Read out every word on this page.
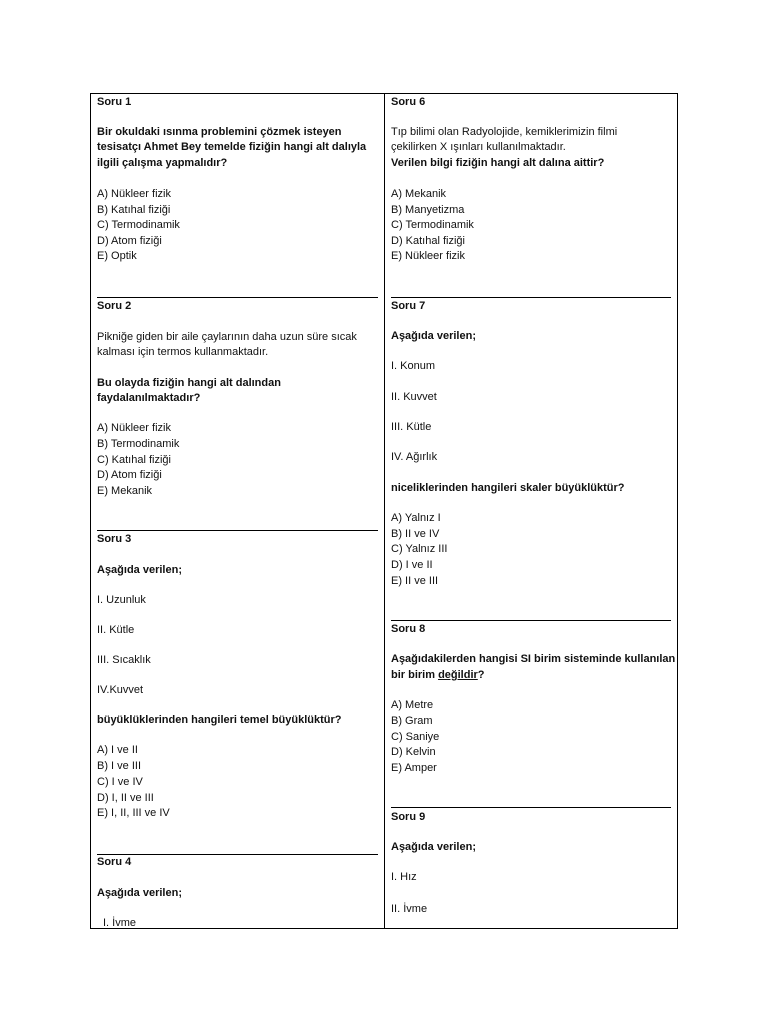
Soru 1
Bir okuldaki ısınma problemini çözmek isteyen
tesisatçı Ahmet Bey temelde fiziğin hangi alt dalıyla
ilgili çalışma yapmalıdır?
A) Nükleer fizik
B) Katıhal fiziği
C) Termodinamik
D) Atom fiziği
E) Optik
Soru 2
Pikniğe giden bir aile çaylarının daha uzun süre sıcak
kalması için termos kullanmaktadır.
Bu olayda fiziğin hangi alt dalından
faydalanılmaktadır?
A) Nükleer fizik
B) Termodinamik
C) Katıhal fiziği
D) Atom fiziği
E) Mekanik
Soru 3
Aşağıda verilen;
I. Uzunluk
II. Kütle
III. Sıcaklık
IV.Kuvvet
büyüklüklerinden hangileri temel büyüklüktür?
A) I ve II
B) I ve III
C) I ve IV
D) I, II ve III
E) I, II, III ve IV
Soru 4
Aşağıda verilen;
I. İvme
Soru 6
Tıp bilimi olan Radyolojide, kemiklerimizin filmi
çekilirken X ışınları kullanılmaktadır.
Verilen bilgi fiziğin hangi alt dalına aittir?
A) Mekanik
B) Manyetizma
C) Termodinamik
D) Katıhal fiziği
E) Nükleer fizik
Soru 7
Aşağıda verilen;
I. Konum
II. Kuvvet
III. Kütle
IV. Ağırlık
niceliklerinden hangileri skaler büyüklüktür?
A) Yalnız I
B) II ve IV
C) Yalnız III
D) I ve II
E) II ve III
Soru 8
Aşağıdakilerden hangisi SI birim sisteminde kullanılan
bir birim değildir?
A) Metre
B) Gram
C) Saniye
D) Kelvin
E) Amper
Soru 9
Aşağıda verilen;
I. Hız
II. İvme
